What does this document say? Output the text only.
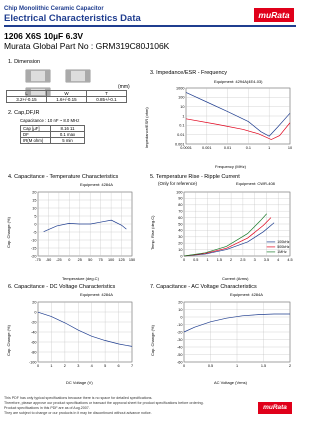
Chip Monolithic Ceramic Capacitor
Electrical Characteristics Data	muRata
1206 X6S 10µF 6.3V
Murata Global Part No : GRM319C80J106K
1. Dimension
(mm)
L	W	T
3.2+/-0.15	1.6+/-0.15	0.85+/-0.1
2. Cap,DF,IR
Capacitance : 10 nF ~ 8.0 MHz
Cap [µF]	8.16 11
DF	0.1 max
IR(M ohm)	5 min
3. Impedance/ESR - Frequency
Equipment: 4294A(4E4-03)
1000
100
10
1
0.1
0.01
0.001
0.0001	0.001	0.01	0.1	1	10
Impedance/ESR (ohm)
Frequency (MHz)
4. Capacitance - Temperature Characteristics
Equipment: 4284A
20
15
10
5
0
-5
-10
-15
-20
-75 -50 -25 0 25 50 75 100 125 150
Cap. Change (%)
Temperature (deg.C)
5. Temperature Rise - Ripple Current
(Only for reference)	Equipment: CWR-408
100
90
80
70
60
50
40
30
20
10
0
0 0.5 1 1.5 2 2.5 3 3.5 4 4.5
100kHz
500kHz
1MHz
Temp. Rise (deg.C)
Current (Arms)
6. Capacitance - DC Voltage Characteristics
Equipment: 4284A
20
0
-20
-40
-60
-80
-100
0	1	2	3	4	5	6	7
Cap. Change (%)
DC Voltage (V)
7. Capacitance - AC Voltage Characteristics
Equipment: 4284A
20
10
0
-10
-20
-30
-40
-50
-60
0	0.5	1	1.5	2
Cap. Change (%)
AC Voltage (Vrms)
This PDF has only typical specifications because there is no space for detailed specifications.
Therefore, please approve our product specifications or transact the approval sheet for product specifications before ordering.
Product specifications in this PDF are as of Aug.2007.
They are subject to change or our products in it may be discontinued without advance notice.
muRata
